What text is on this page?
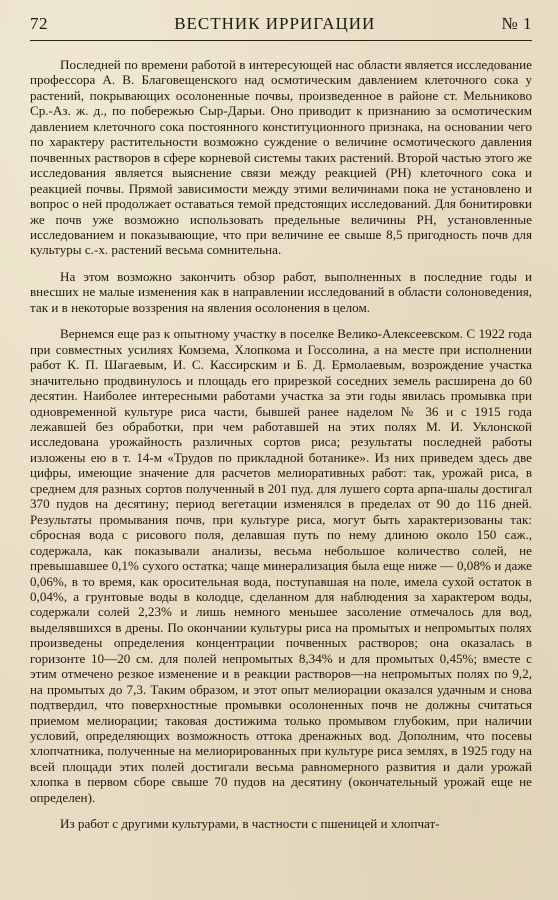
72	ВЕСТНИК ИРРИГАЦИИ	№ 1

Последней по времени работой в интересующей нас области является исследование профессора А. В. Благовещенского над осмотическим давлением клеточного сока у растений, покрывающих осолоненные почвы, произведенное в районе ст. Мельниково Ср.-Аз. ж. д., по побережью Сыр-Дарьи. Оно приводит к признанию за осмотическим давлением клеточного сока постоянного конституционного признака, на основании чего по характеру растительности возможно суждение о величине осмотического давления почвенных растворов в сфере корневой системы таких растений. Второй частью этого же исследования является выяснение связи между реакцией (PH) клеточного сока и реакцией почвы. Прямой зависимости между этими величинами пока не установлено и вопрос о ней продолжает оставаться темой предстоящих исследований. Для бонитировки же почв уже возможно использовать предельные величины PH, установленные исследованием и показывающие, что при величине ее свыше 8,5 пригодность почв для культуры с.-х. растений весьма сомнительна.

На этом возможно закончить обзор работ, выполненных в последние годы и внесших не малые изменения как в направлении исследований в области солоноведения, так и в некоторые воззрения на явления осолонения в целом.

Вернемся еще раз к опытному участку в поселке Велико-Алексеевском. С 1922 года при совместных усилиях Комзема, Хлопкома и Госсолина, а на месте при исполнении работ К. П. Шагаевым, И. С. Кассирским и Б. Д. Ермолаевым, возрождение участка значительно продвинулось и площадь его прирезкой соседних земель расширена до 60 десятин. Наиболее интересными работами участка за эти годы явилась промывка при одновременной культуре риса части, бывшей ранее наделом № 36 и с 1915 года лежавшей без обработки, при чем работавшей на этих полях М. И. Уклонской исследована урожайность различных сортов риса; результаты последней работы изложены ею в т. 14-м «Трудов по прикладной ботанике». Из них приведем здесь две цифры, имеющие значение для расчетов мелиоративных работ: так, урожай риса, в среднем для разных сортов полученный в 201 пуд. для лушего сорта арпа-шалы достигал 370 пудов на десятину; период вегетации изменялся в пределах от 90 до 116 дней. Результаты промывания почв, при культуре риса, могут быть характеризованы так: сбросная вода с рисового поля, делавшая путь по нему длиною около 150 саж., содержала, как показывали анализы, весьма небольшое количество солей, не превышавшее 0,1% сухого остатка; чаще минерализация была еще ниже — 0,08% и даже 0,06%, в то время, как оросительная вода, поступавшая на поле, имела сухой остаток в 0,04%, а грунтовые воды в колодце, сделанном для наблюдения за характером воды, содержали солей 2,23% и лишь немного меньшее засоление отмечалось для вод, выделявшихся в дрены. По окончании культуры риса на промытых и непромытых полях произведены определения концентрации почвенных растворов; она оказалась в горизонте 10—20 см. для полей непромытых 8,34% и для промытых 0,45%; вместе с этим отмечено резкое изменение и в реакции растворов—на непромытых полях по 9,2, на промытых до 7,3. Таким образом, и этот опыт мелиорации оказался удачным и снова подтвердил, что поверхностные промывки осолоненных почв не должны считаться приемом мелиорации; таковая достижима только промывом глубоким, при наличии условий, определяющих возможность оттока дренажных вод. Дополним, что посевы хлопчатника, полученные на мелиорированных при культуре риса землях, в 1925 году на всей площади этих полей достигали весьма равномерного развития и дали урожай хлопка в первом сборе свыше 70 пудов на десятину (окончательный урожай еще не определен).

Из работ с другими культурами, в частности с пшеницей и хлопчат-
